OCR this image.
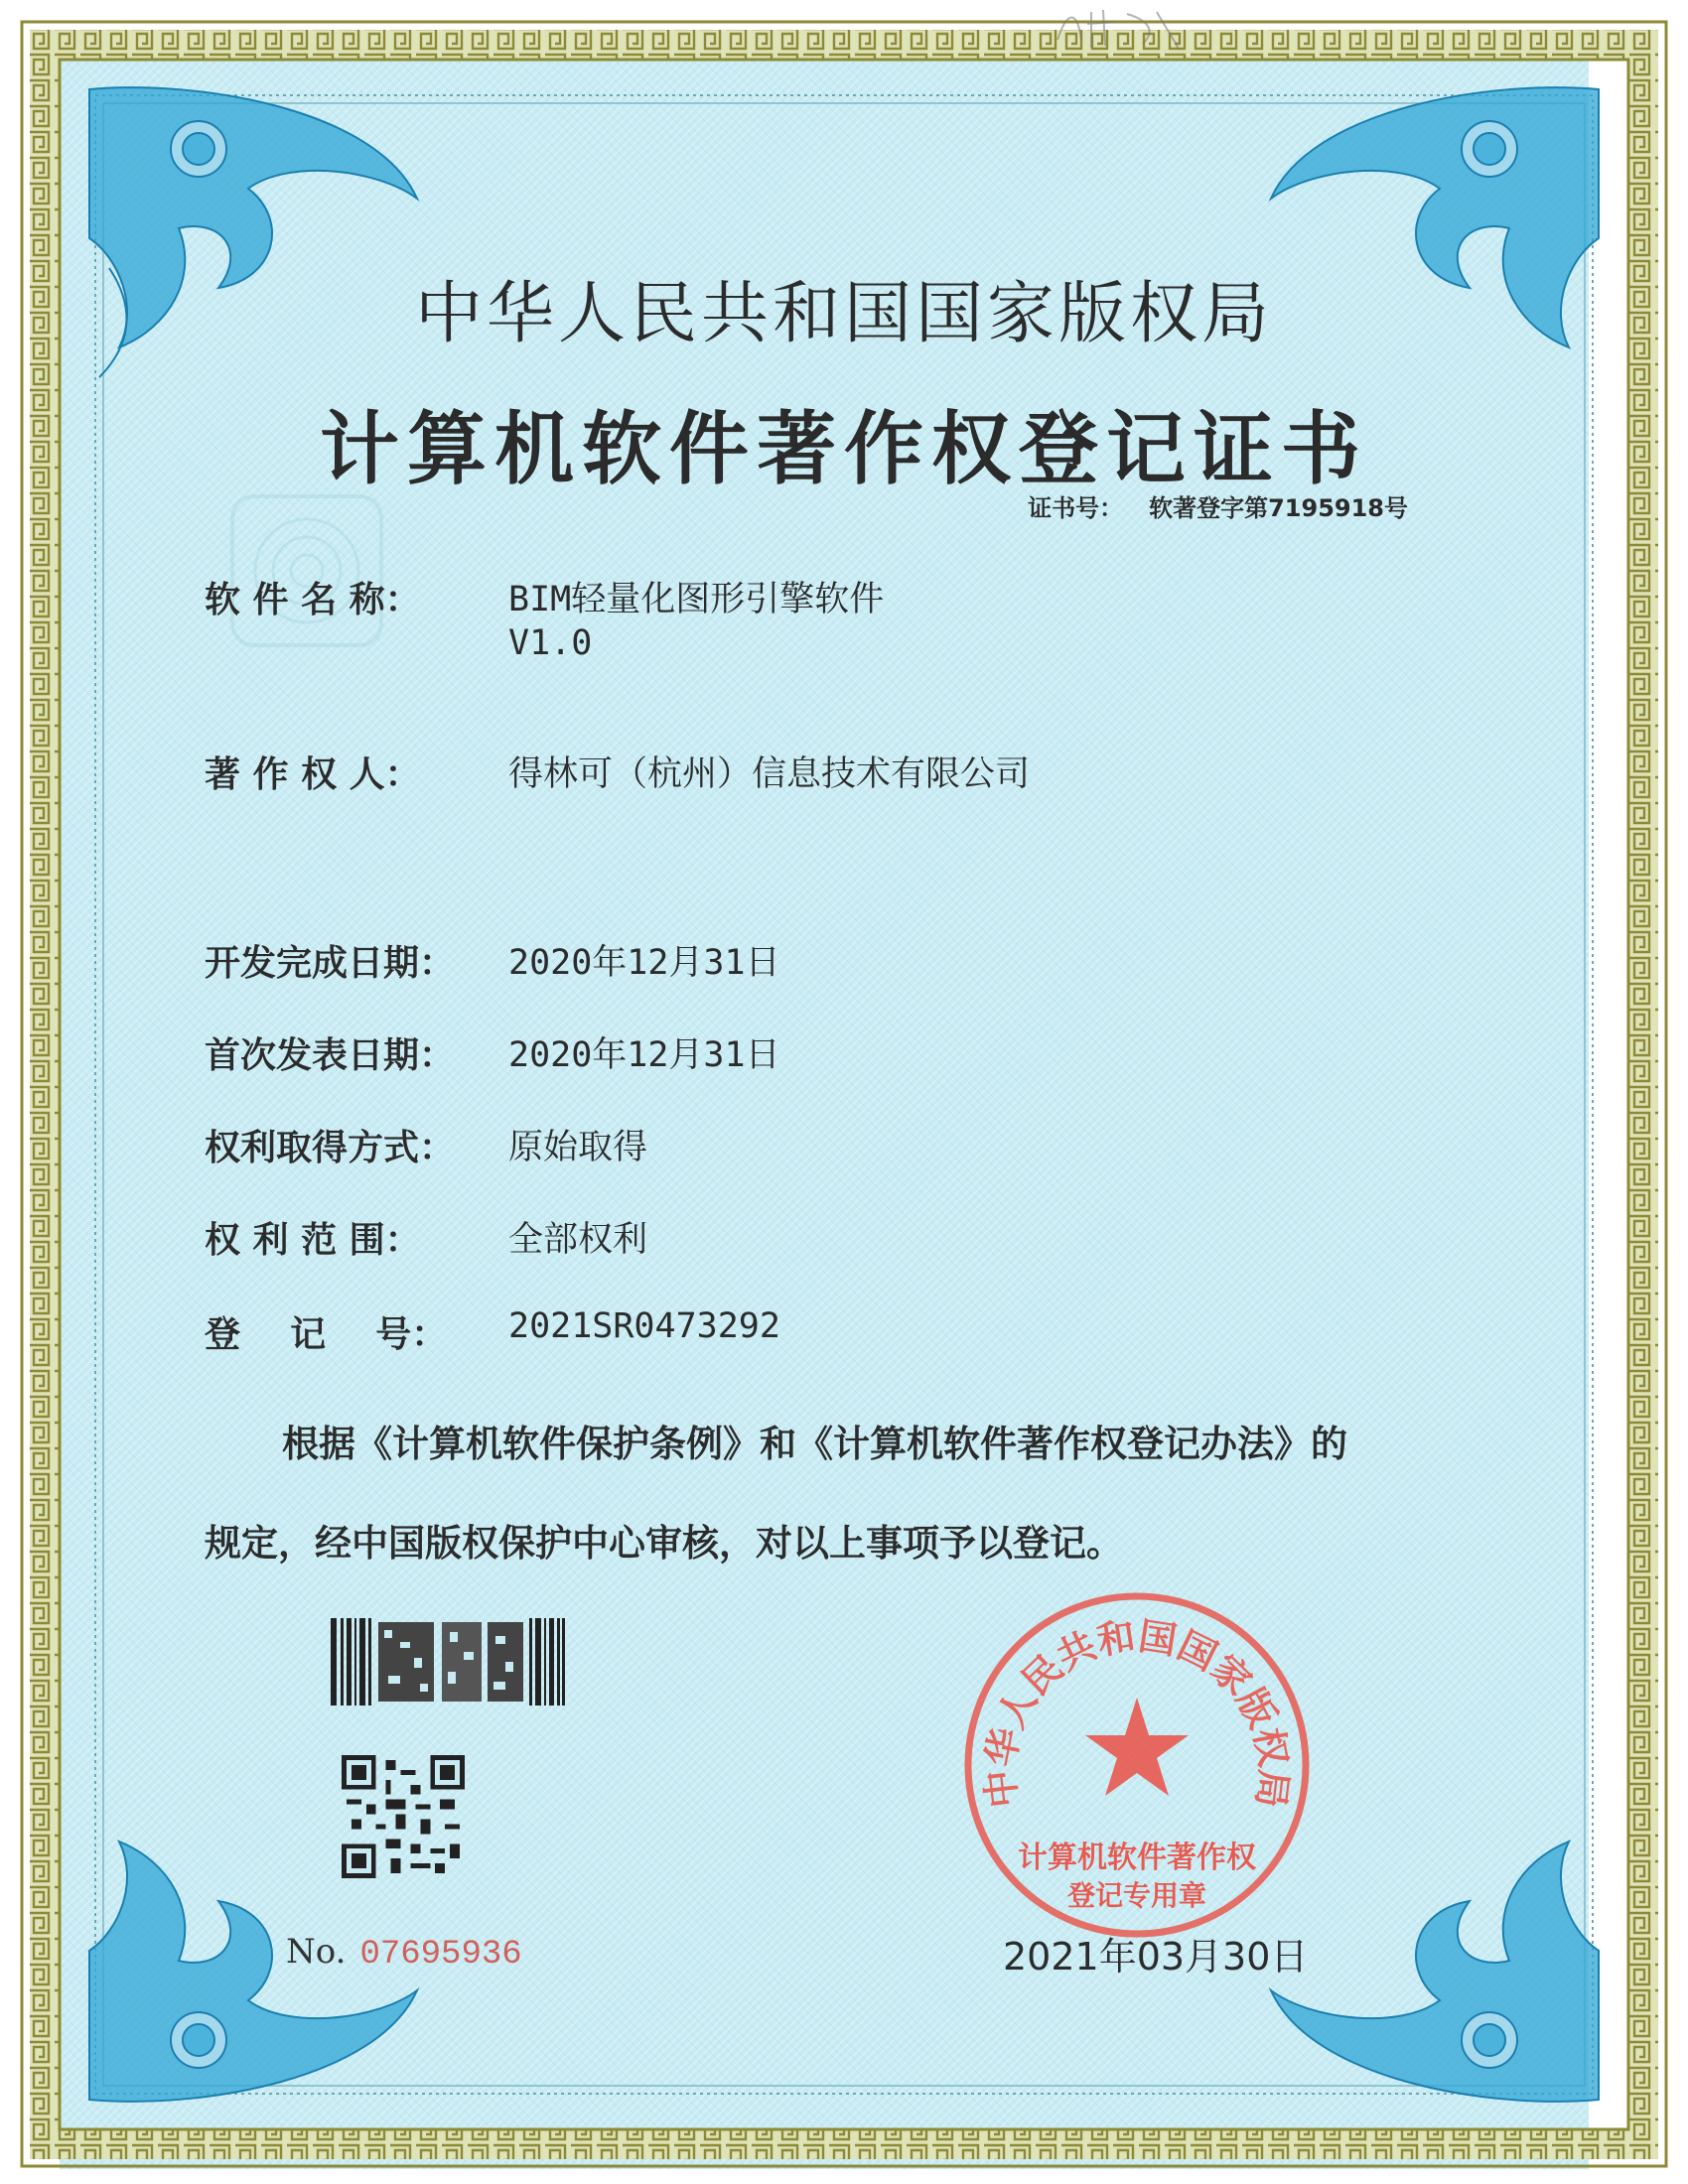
中华人民共和国国家版权局
计算机软件著作权登记证书
证书号： 软著登字第7195918号
软 件 名 称：	BIM轻量化图形引擎软件
V1.0
著 作 权 人：	得林可（杭州）信息技术有限公司
开发完成日期： 2020年12月31日
首次发表日期： 2020年12月31日
权利取得方式： 原始取得
权 利 范 围：	全部权利
登    记    号： 2021SR0473292
根据《计算机软件保护条例》和《计算机软件著作权登记办法》的
规定，经中国版权保护中心审核，对以上事项予以登记。
No. 07695936	2021年03月30日
中华人民共和国国家版权局
计算机软件著作权
登记专用章
